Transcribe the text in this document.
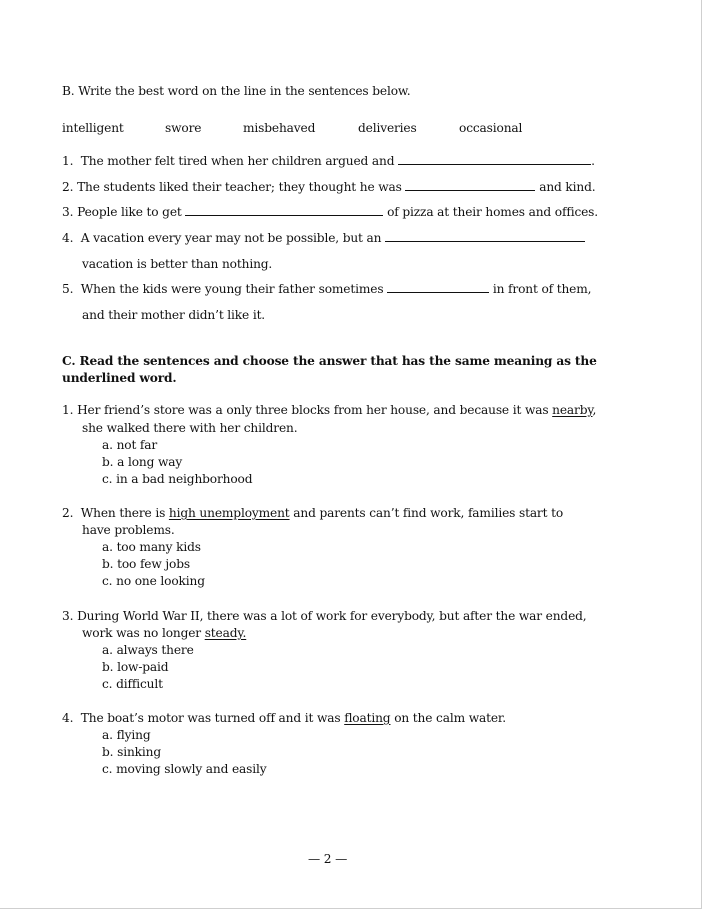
B. Write the best word on the line in the sentences below.
intelligent	swore	misbehaved	deliveries	occasional
1. The mother felt tired when her children argued and	.
2. The students liked their teacher; they thought he was	and kind.
3. People like to get	of pizza at their homes and offices.
4. A vacation every year may not be possible, but an
vacation is better than nothing.
5. When the kids were young their father sometimes	in front of them,
and their mother didn’t like it.
C. Read the sentences and choose the answer that has the same meaning as the
underlined word.
1. Her friend’s store was a only three blocks from her house, and because it was nearby,
she walked there with her children.
a. not far
b. a long way
c. in a bad neighborhood
2. When there is high unemployment and parents can’t find work, families start to
have problems.
a. too many kids
b. too few jobs
c. no one looking
3. During World War II, there was a lot of work for everybody, but after the war ended,
work was no longer steady.
a. always there
b. low-paid
c. difficult
4. The boat’s motor was turned off and it was floating on the calm water.
a. flying
b. sinking
c. moving slowly and easily
— 2 —
